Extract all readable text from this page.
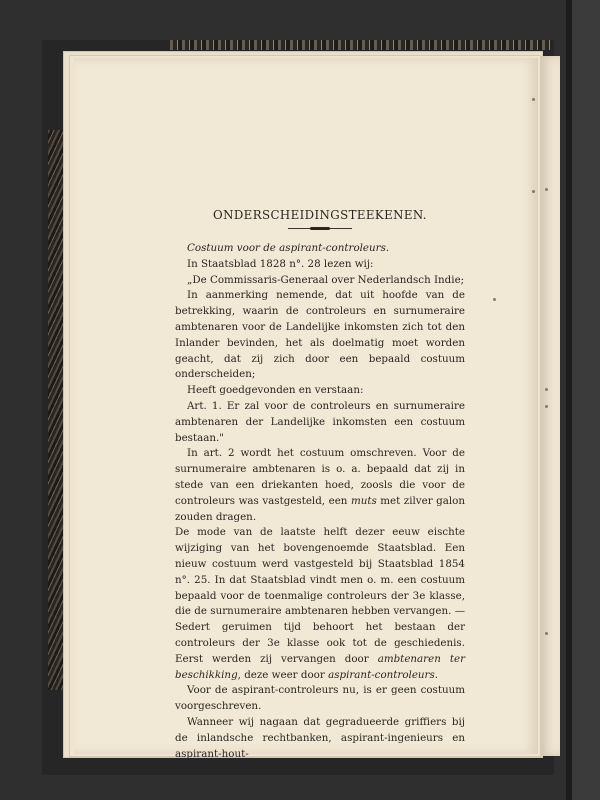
ONDERSCHEIDINGSTEEKENEN.

Costuum voor de aspirant-controleurs.

In Staatsblad 1828 n°. 28 lezen wij:

„De Commissaris-Generaal over Nederlandsch Indie;

In aanmerking nemende, dat uit hoofde van de betrekking, waarin de controleurs en surnumeraire ambtenaren voor de Landelijke inkomsten zich tot den Inlander bevinden, het als doelmatig moet worden geacht, dat zij zich door een bepaald costuum onderscheiden;

Heeft goedgevonden en verstaan:

Art. 1. Er zal voor de controleurs en surnumeraire ambtenaren der Landelijke inkomsten een costuum bestaan."

In art. 2 wordt het costuum omschreven. Voor de surnumeraire ambtenaren is o. a. bepaald dat zij in stede van een driekanten hoed, zoosls die voor de controleurs was vastgesteld, een muts met zilver galon zouden dragen.

De mode van de laatste helft dezer eeuw eischte wijziging van het bovengenoemde Staatsblad. Een nieuw costuum werd vastgesteld bij Staatsblad 1854 n°. 25. In dat Staatsblad vindt men o. m. een costuum bepaald voor de toenmalige controleurs der 3e klasse, die de surnumeraire ambtenaren hebben vervangen. — Sedert geruimen tijd behoort het bestaan der controleurs der 3e klasse ook tot de geschiedenis. Eerst werden zij vervangen door ambtenaren ter beschikking, deze weer door aspirant-controleurs.

Voor de aspirant-controleurs nu, is er geen costuum voorgeschreven.

Wanneer wij nagaan dat gegradueerde griffiers bij de inlandsche rechtbanken, aspirant-ingenieurs en aspirant-hout-
